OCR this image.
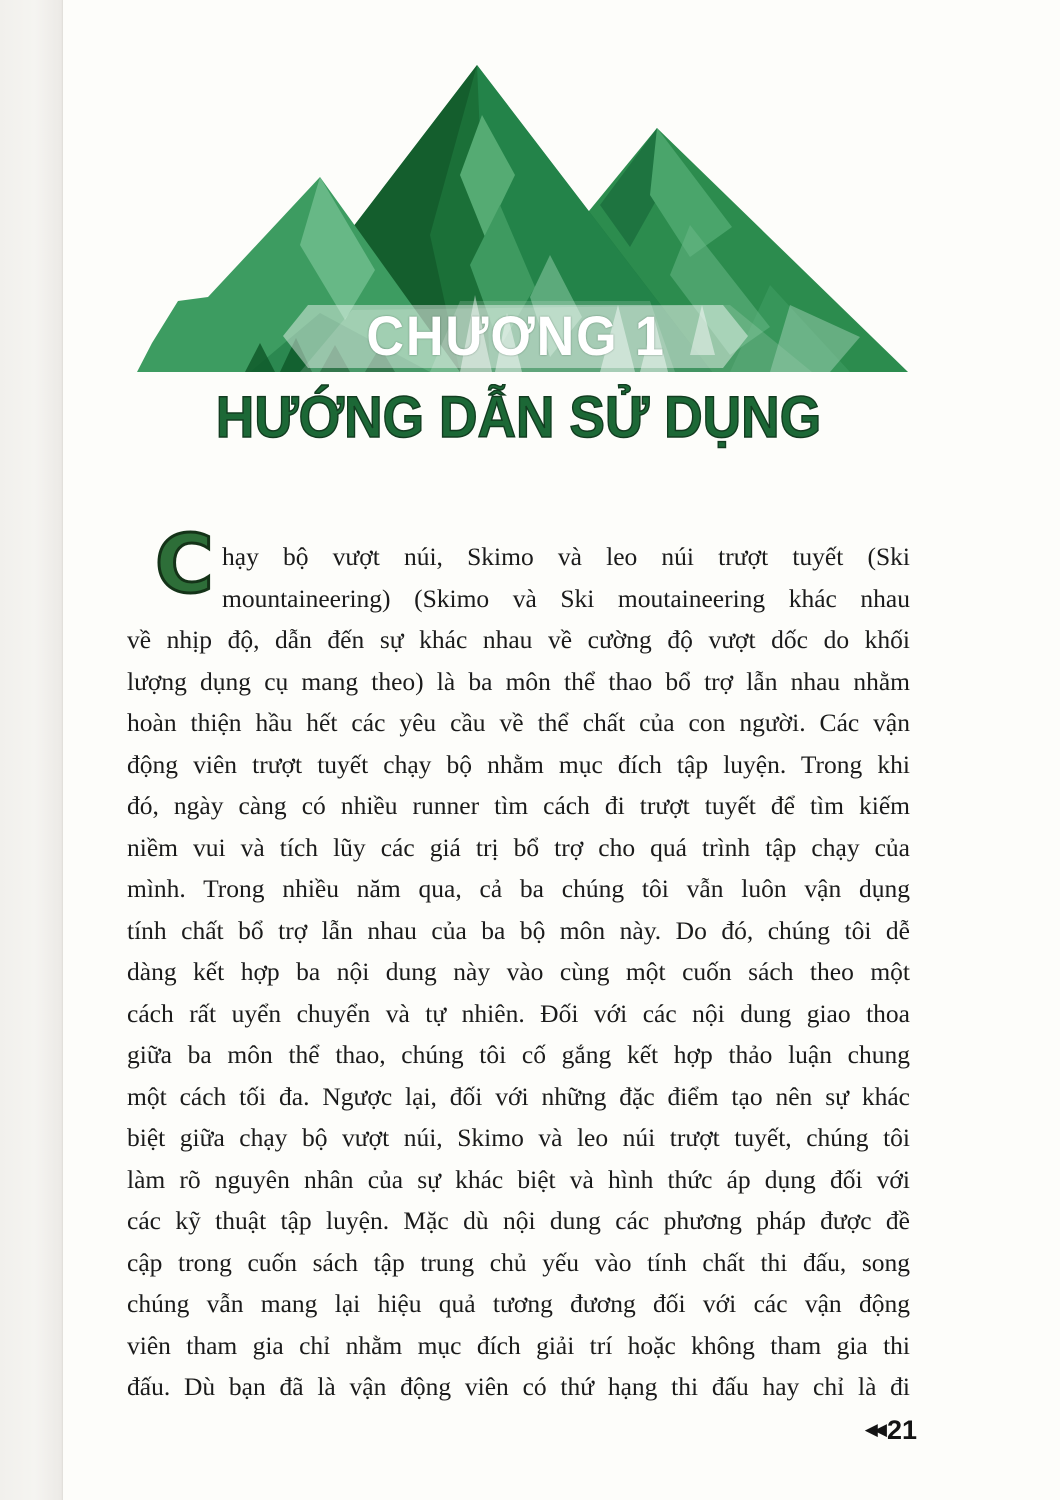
CHƯƠNG 1
HƯỚNG DẪN SỬ DỤNG
C hạy bộ vượt núi, Skimo và leo núi trượt tuyết (Ski
mountaineering) (Skimo và Ski moutaineering khác nhau
về nhịp độ, dẫn đến sự khác nhau về cường độ vượt dốc do khối
lượng dụng cụ mang theo) là ba môn thể thao bổ trợ lẫn nhau nhằm
hoàn thiện hầu hết các yêu cầu về thể chất của con người. Các vận
động viên trượt tuyết chạy bộ nhằm mục đích tập luyện. Trong khi
đó, ngày càng có nhiều runner tìm cách đi trượt tuyết để tìm kiếm
niềm vui và tích lũy các giá trị bổ trợ cho quá trình tập chạy của
mình. Trong nhiều năm qua, cả ba chúng tôi vẫn luôn vận dụng
tính chất bổ trợ lẫn nhau của ba bộ môn này. Do đó, chúng tôi dễ
dàng kết hợp ba nội dung này vào cùng một cuốn sách theo một
cách rất uyển chuyển và tự nhiên. Đối với các nội dung giao thoa
giữa ba môn thể thao, chúng tôi cố gắng kết hợp thảo luận chung
một cách tối đa. Ngược lại, đối với những đặc điểm tạo nên sự khác
biệt giữa chạy bộ vượt núi, Skimo và leo núi trượt tuyết, chúng tôi
làm rõ nguyên nhân của sự khác biệt và hình thức áp dụng đối với
các kỹ thuật tập luyện. Mặc dù nội dung các phương pháp được đề
cập trong cuốn sách tập trung chủ yếu vào tính chất thi đấu, song
chúng vẫn mang lại hiệu quả tương đương đối với các vận động
viên tham gia chỉ nhằm mục đích giải trí hoặc không tham gia thi
đấu. Dù bạn đã là vận động viên có thứ hạng thi đấu hay chỉ là đi
◀◀ 21
